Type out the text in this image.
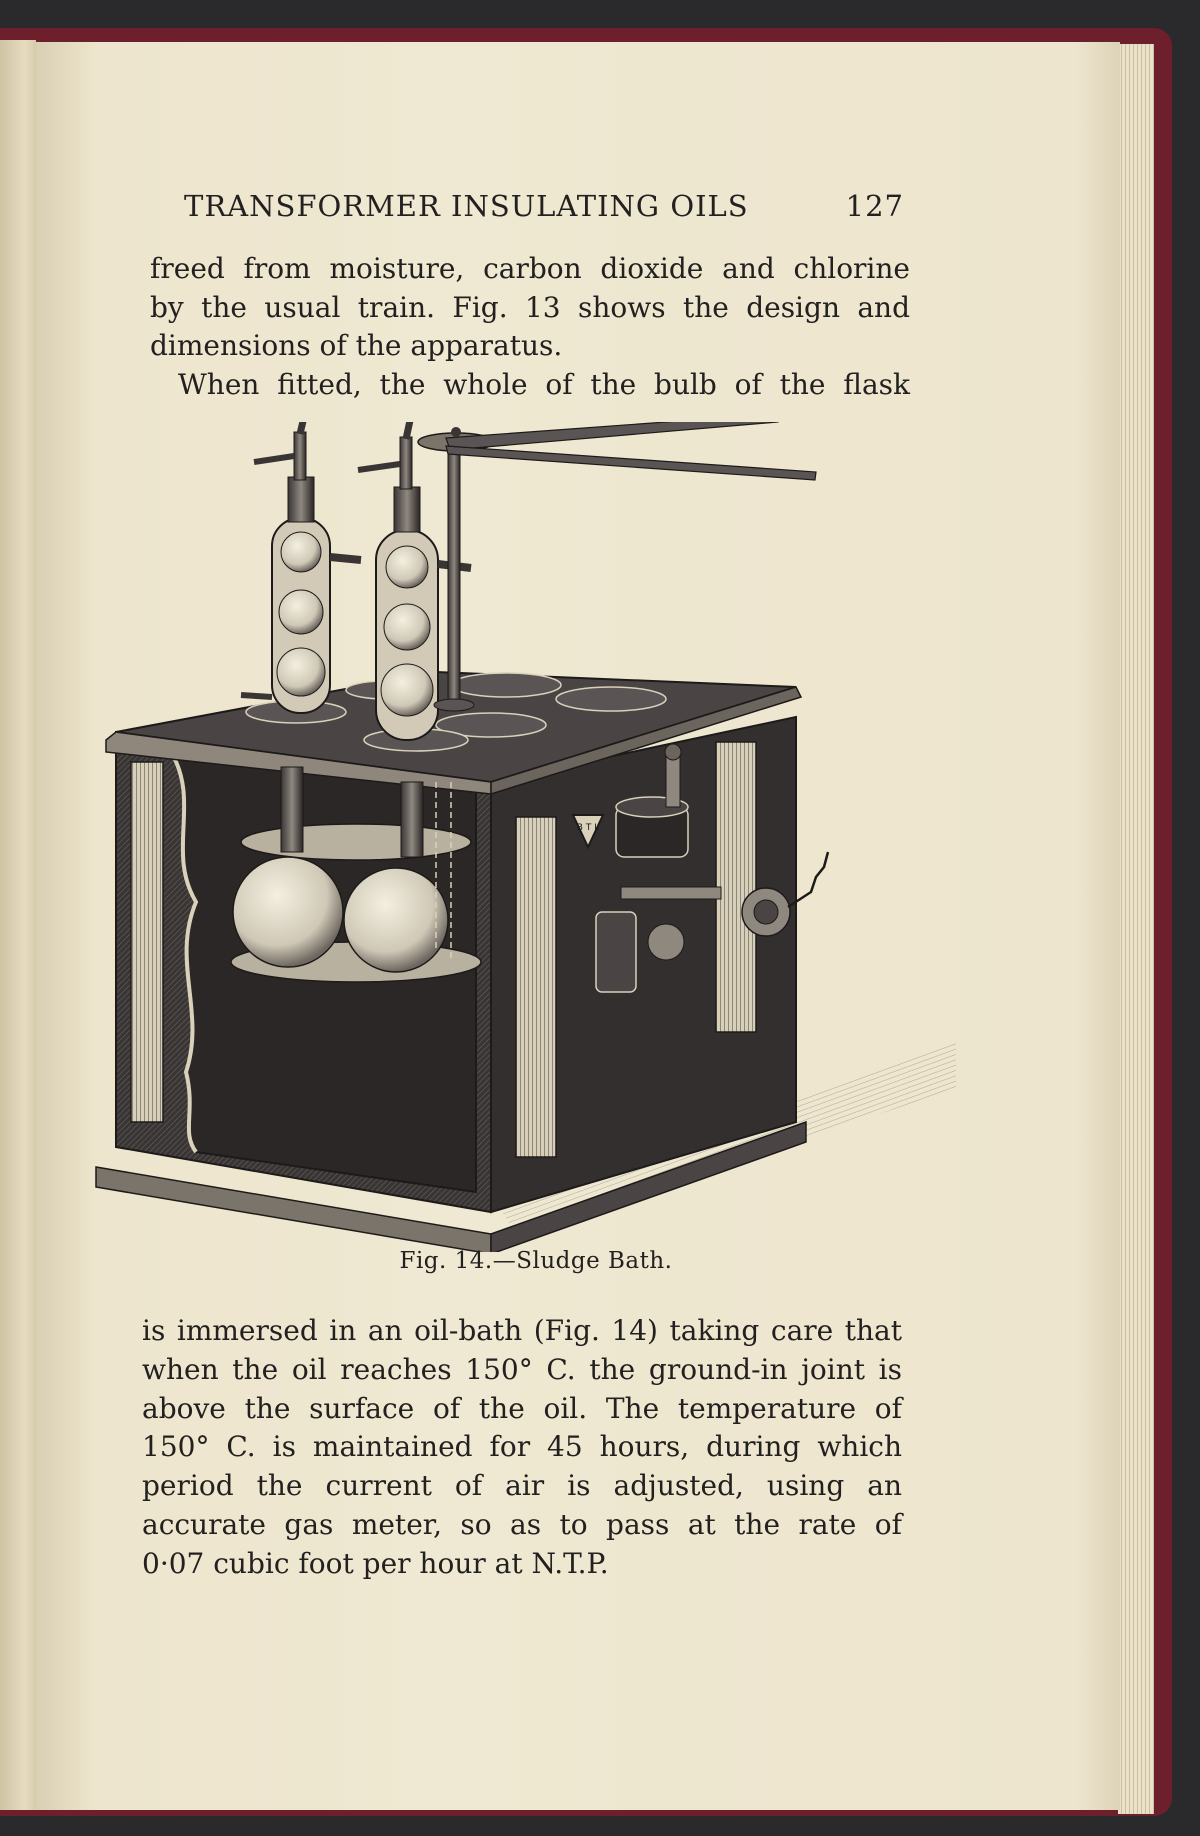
TRANSFORMER INSULATING OILS	127
freed from moisture, carbon dioxide and chlorine
by the usual train. Fig. 13 shows the design and
dimensions of the apparatus.
When fitted, the whole of the bulb of the flask
B T L
Fig. 14.—Sludge Bath.
is immersed in an oil-bath (Fig. 14) taking care that
when the oil reaches 150° C. the ground-in joint is
above the surface of the oil. The temperature of
150° C. is maintained for 45 hours, during which
period the current of air is adjusted, using an
accurate gas meter, so as to pass at the rate of
0·07 cubic foot per hour at N.T.P.
